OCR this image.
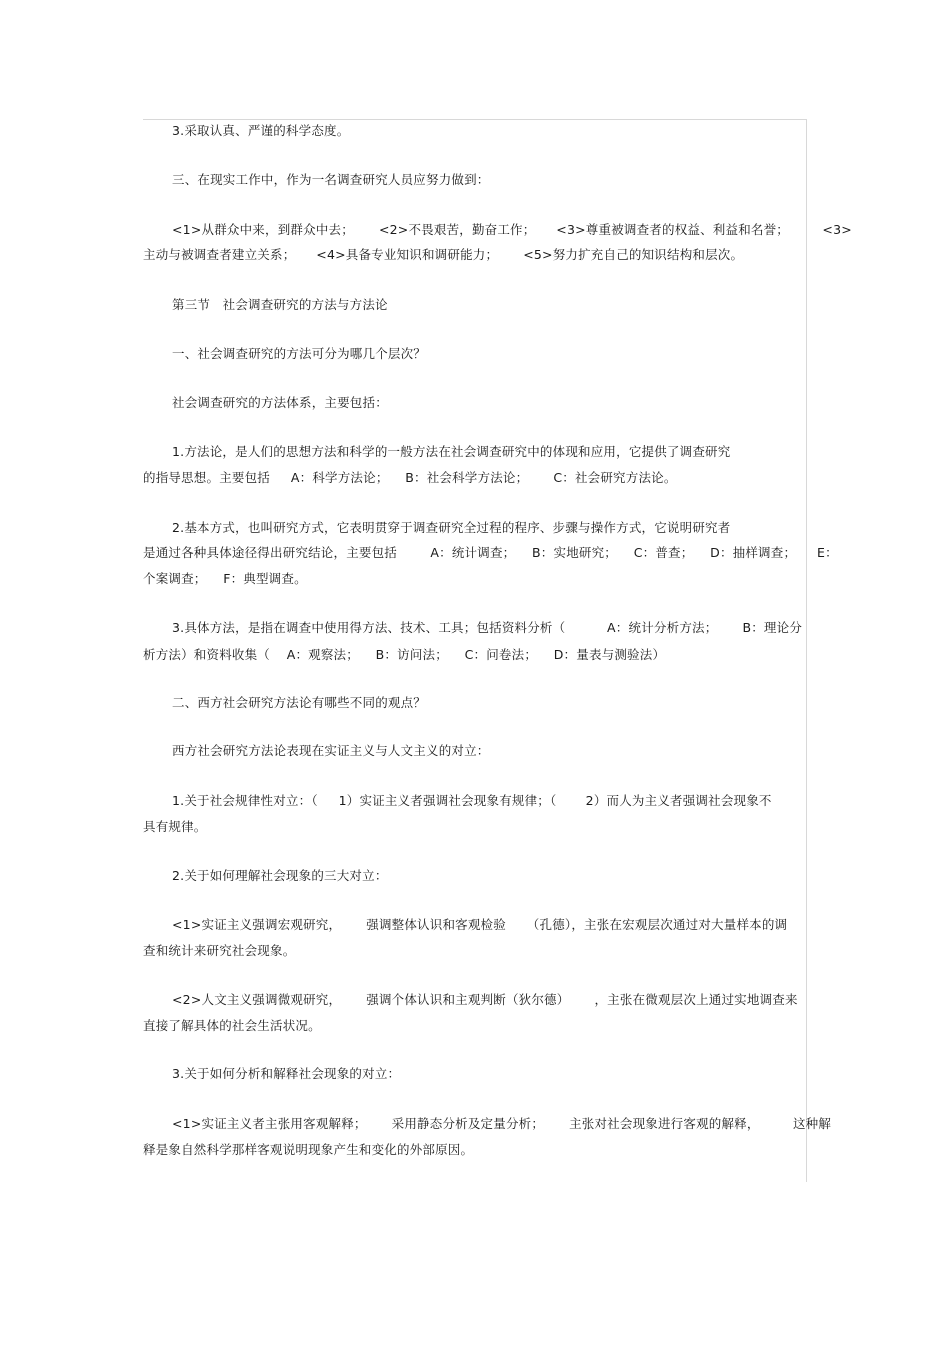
3.采取认真、严谨的科学态度。
三、在现实工作中，作为一名调查研究人员应努力做到：
<1>从群众中来，到群众中去；      <2>不畏艰苦，勤奋工作；     <3>尊重被调查者的权益、利益和名誉；        <3>
主动与被调查者建立关系；     <4>具备专业知识和调研能力；      <5>努力扩充自己的知识结构和层次。
第三节   社会调查研究的方法与方法论
一、社会调查研究的方法可分为哪几个层次？
社会调查研究的方法体系，主要包括：
1.方法论，是人们的思想方法和科学的一般方法在社会调查研究中的体现和应用，它提供了调查研究
的指导思想。主要包括     A：科学方法论；    B：社会科学方法论；      C：社会研究方法论。
2.基本方式，也叫研究方式，它表明贯穿于调查研究全过程的程序、步骤与操作方式，它说明研究者
是通过各种具体途径得出研究结论，主要包括        A：统计调查；    B：实地研究；    C：普查；    D：抽样调查；     E：
个案调查；    F：典型调查。
3.具体方法，是指在调查中使用得方法、技术、工具；包括资料分析（          A：统计分析方法；      B：理论分
析方法）和资料收集（    A：观察法；    B：访问法；    C：问卷法；    D：量表与测验法）
二、西方社会研究方法论有哪些不同的观点？
西方社会研究方法论表现在实证主义与人文主义的对立：
1.关于社会规律性对立：（     1）实证主义者强调社会现象有规律；（       2）而人为主义者强调社会现象不
具有规律。
2.关于如何理解社会现象的三大对立：
<1>实证主义强调宏观研究，      强调整体认识和客观检验     （孔德），主张在宏观层次通过对大量样本的调
查和统计来研究社会现象。
<2>人文主义强调微观研究，      强调个体认识和主观判断（狄尔德）      ，主张在微观层次上通过实地调查来
直接了解具体的社会生活状况。
3.关于如何分析和解释社会现象的对立：
<1>实证主义者主张用客观解释；      采用静态分析及定量分析；      主张对社会现象进行客观的解释，        这种解
释是象自然科学那样客观说明现象产生和变化的外部原因。
